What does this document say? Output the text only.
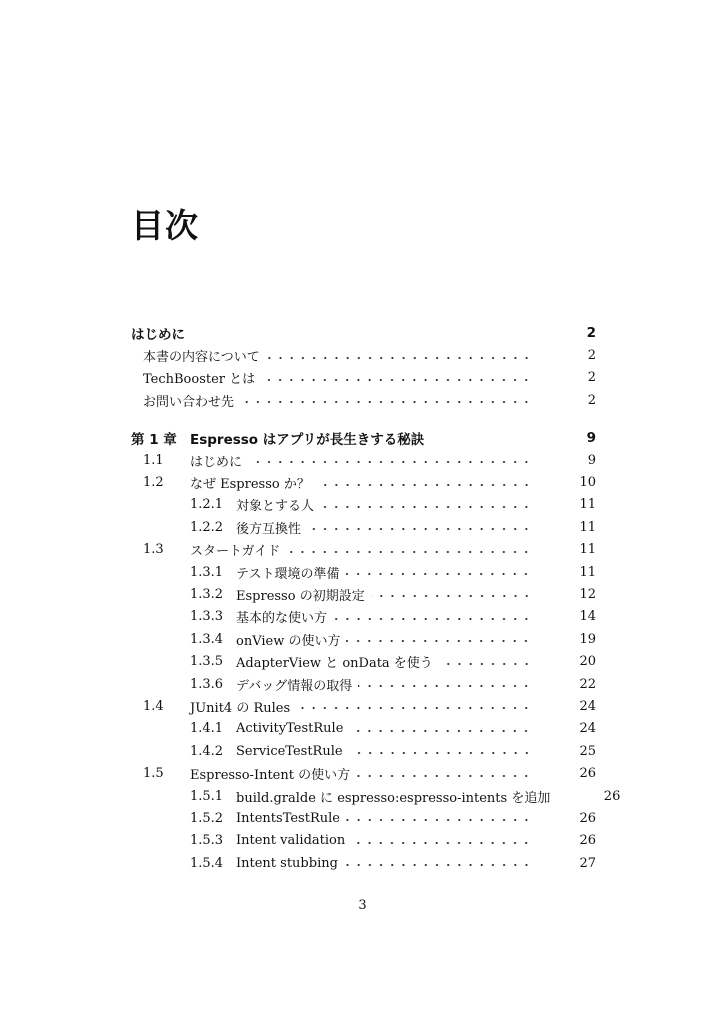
目次
はじめに	2
本書の内容について	2
TechBooster とは	2
お問い合わせ先	2
第 1 章 Espresso はアプリが長生きする秘訣	9
1.1	はじめに	9
1.2	なぜ Espresso か？	10
1.2.1 対象とする人	11
1.2.2 後方互換性	11
1.3	スタートガイド	11
1.3.1 テスト環境の準備	11
1.3.2 Espresso の初期設定	12
1.3.3 基本的な使い方	14
1.3.4 onView の使い方	19
1.3.5 AdapterView と onData を使う	20
1.3.6 デバッグ情報の取得	22
1.4	JUnit4 の Rules	24
1.4.1 ActivityTestRule	24
1.4.2 ServiceTestRule	25
1.5	Espresso-Intent の使い方	26
1.5.1 build.gralde に espresso:espresso-intents を追加	26
1.5.2 IntentsTestRule	26
1.5.3 Intent validation	26
1.5.4 Intent stubbing	27
3
